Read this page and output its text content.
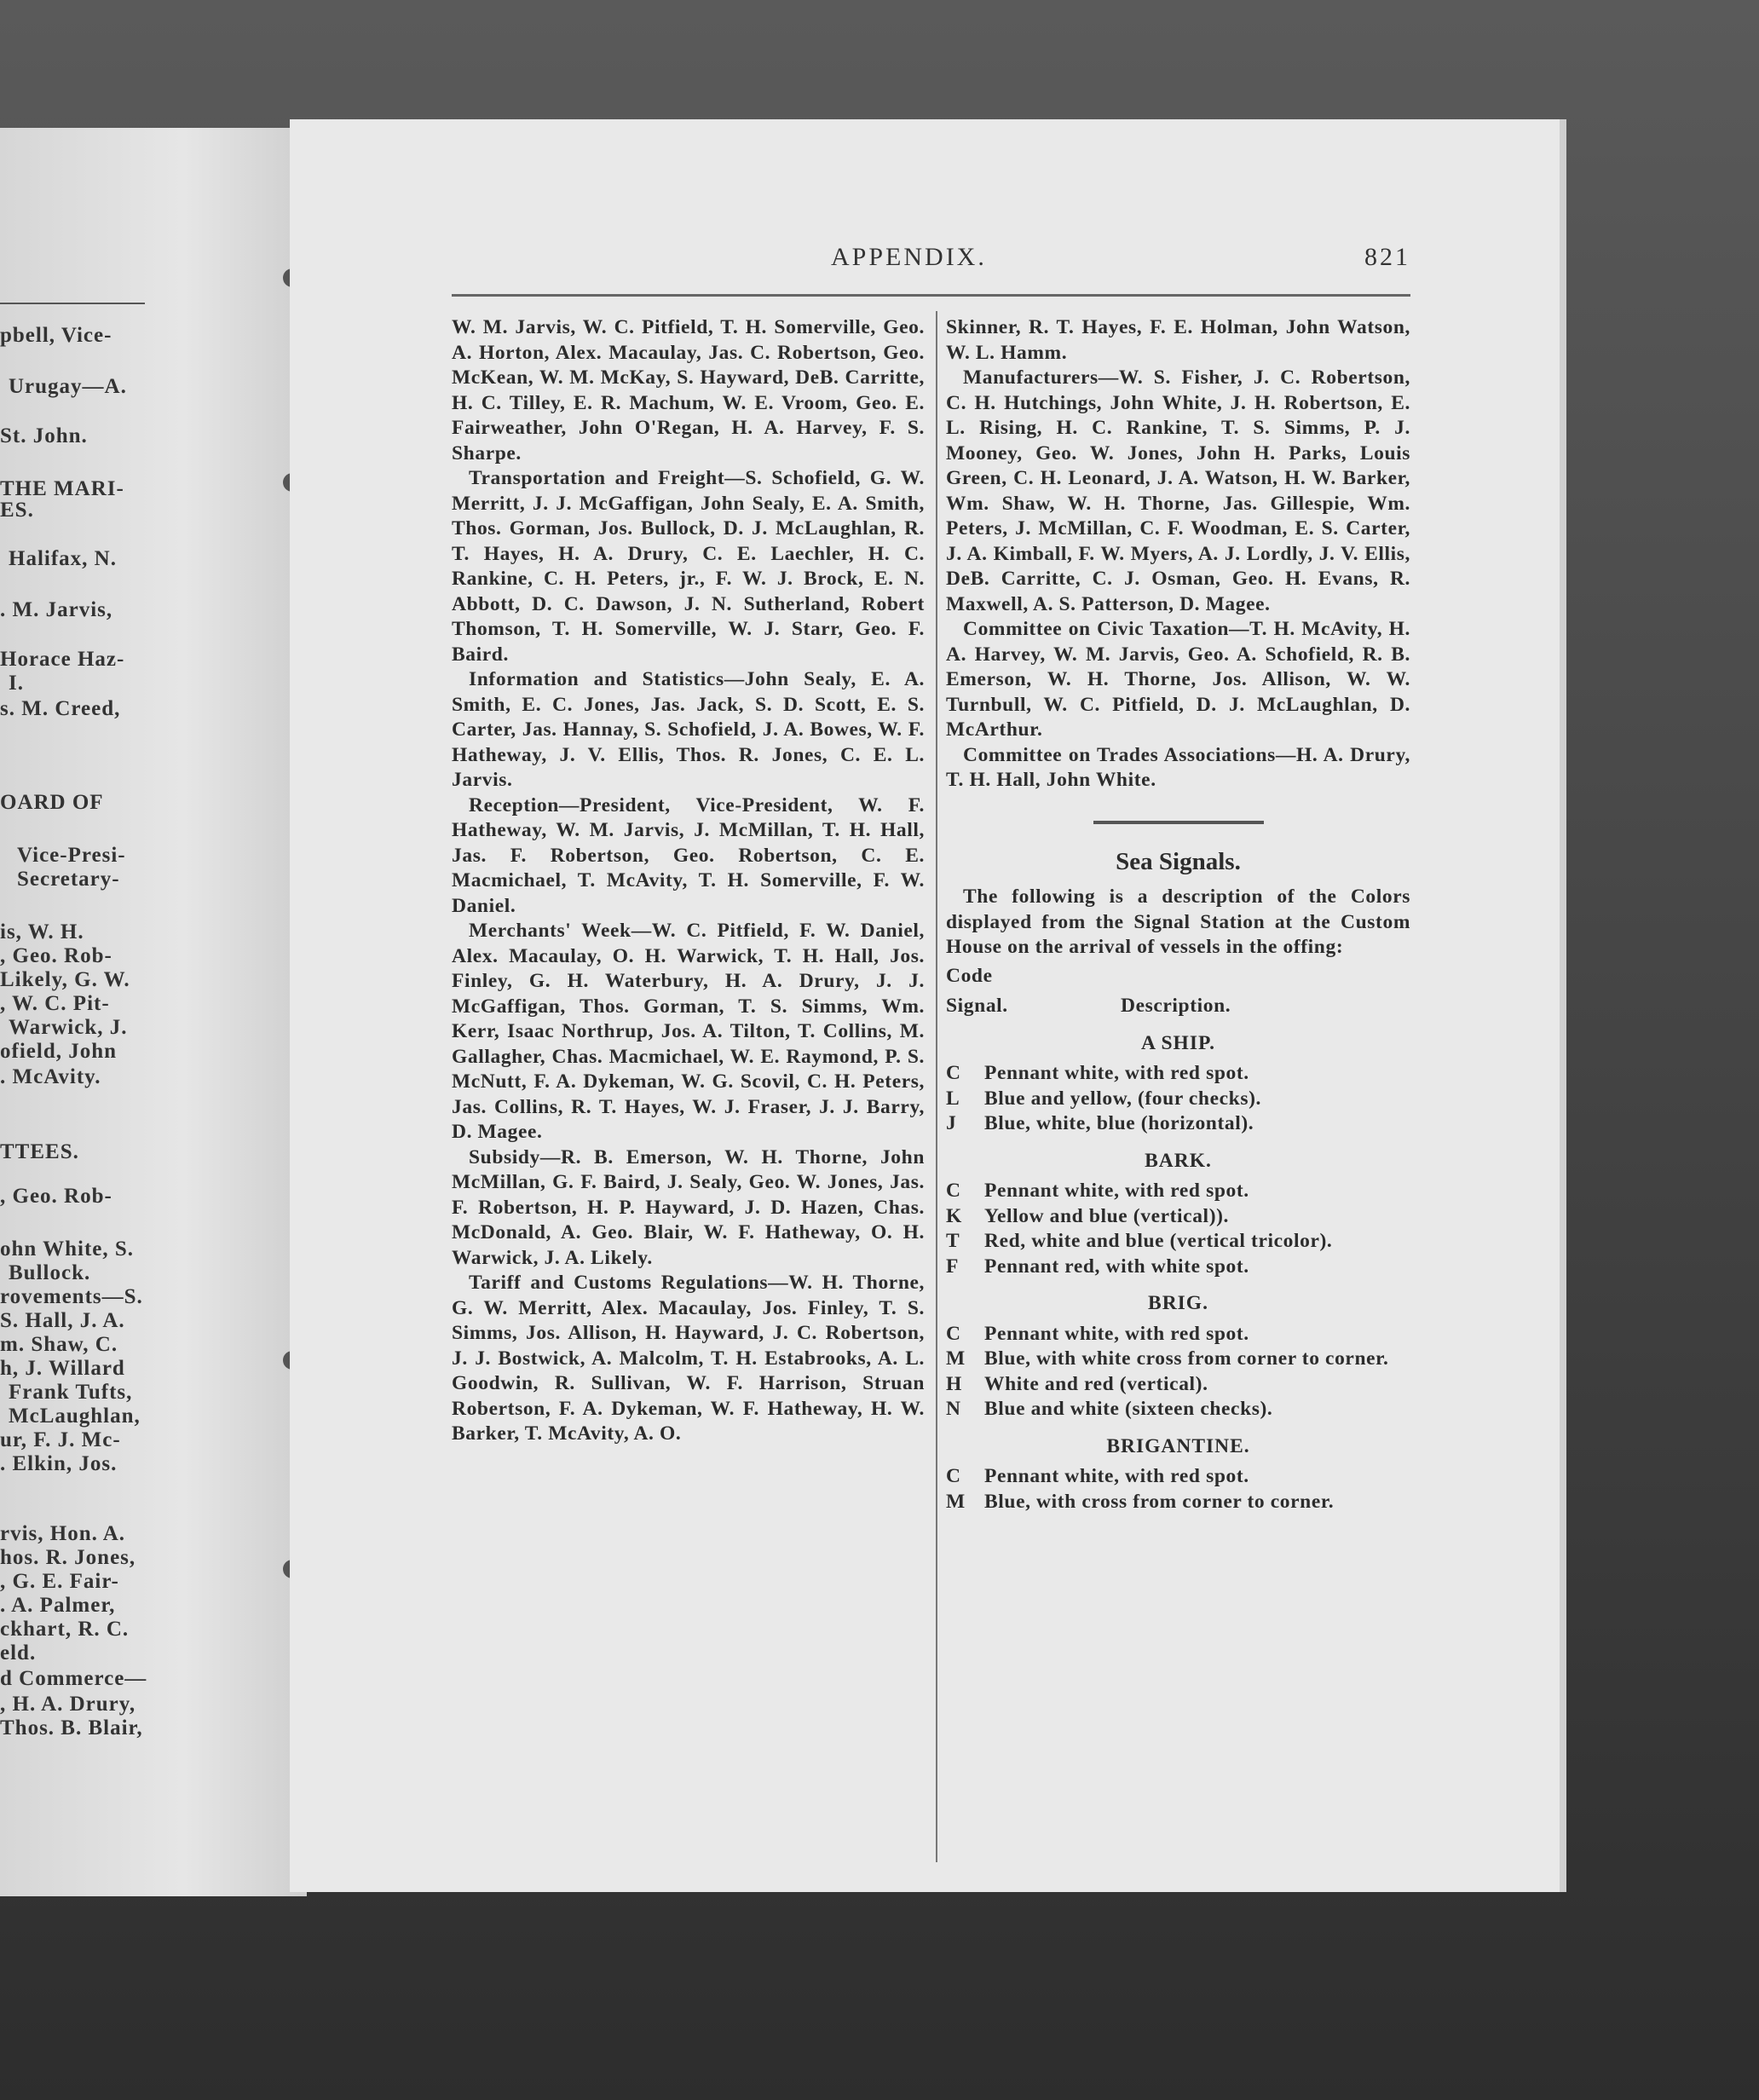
pbell, Vice-
Urugay—A.
St. John.
THE MARI-
ES.
Halifax, N.
. M. Jarvis,
Horace Haz-
I.
s. M. Creed,
OARD OF
Vice-Presi-
Secretary-
is, W. H.
, Geo. Rob-
Likely, G. W.
, W. C. Pit-
Warwick, J.
ofield, John
. McAvity.
TTEES.
, Geo. Rob-
ohn White, S.
Bullock.
rovements—S.
S. Hall, J. A.
m. Shaw, C.
h, J. Willard
Frank Tufts,
McLaughlan,
ur, F. J. Mc-
. Elkin, Jos.
rvis, Hon. A.
hos. R. Jones,
, G. E. Fair-
. A. Palmer,
ckhart, R. C.
eld.
d Commerce—
, H. A. Drury,
Thos. B. Blair,
APPENDIX.	821

W. M. Jarvis, W. C. Pitfield, T. H. Somerville, Geo. A. Horton, Alex. Macaulay, Jas. C. Robertson, Geo. McKean, W. M. McKay, S. Hayward, DeB. Carritte, H. C. Tilley, E. R. Machum, W. E. Vroom, Geo. E. Fairweather, John O'Regan, H. A. Harvey, F. S. Sharpe.

Transportation and Freight—S. Schofield, G. W. Merritt, J. J. McGaffigan, John Sealy, E. A. Smith, Thos. Gorman, Jos. Bullock, D. J. McLaughlan, R. T. Hayes, H. A. Drury, C. E. Laechler, H. C. Rankine, C. H. Peters, jr., F. W. J. Brock, E. N. Abbott, D. C. Dawson, J. N. Sutherland, Robert Thomson, T. H. Somerville, W. J. Starr, Geo. F. Baird.

Information and Statistics—John Sealy, E. A. Smith, E. C. Jones, Jas. Jack, S. D. Scott, E. S. Carter, Jas. Hannay, S. Schofield, J. A. Bowes, W. F. Hatheway, J. V. Ellis, Thos. R. Jones, C. E. L. Jarvis.

Reception—President, Vice-President, W. F. Hatheway, W. M. Jarvis, J. McMillan, T. H. Hall, Jas. F. Robertson, Geo. Robertson, C. E. Macmichael, T. McAvity, T. H. Somerville, F. W. Daniel.

Merchants' Week—W. C. Pitfield, F. W. Daniel, Alex. Macaulay, O. H. Warwick, T. H. Hall, Jos. Finley, G. H. Waterbury, H. A. Drury, J. J. McGaffigan, Thos. Gorman, T. S. Simms, Wm. Kerr, Isaac Northrup, Jos. A. Tilton, T. Collins, M. Gallagher, Chas. Macmichael, W. E. Raymond, P. S. McNutt, F. A. Dykeman, W. G. Scovil, C. H. Peters, Jas. Collins, R. T. Hayes, W. J. Fraser, J. J. Barry, D. Magee.

Subsidy—R. B. Emerson, W. H. Thorne, John McMillan, G. F. Baird, J. Sealy, Geo. W. Jones, Jas. F. Robertson, H. P. Hayward, J. D. Hazen, Chas. McDonald, A. Geo. Blair, W. F. Hatheway, O. H. Warwick, J. A. Likely.

Tariff and Customs Regulations—W. H. Thorne, G. W. Merritt, Alex. Macaulay, Jos. Finley, T. S. Simms, Jos. Allison, H. Hayward, J. C. Robertson, J. J. Bostwick, A. Malcolm, T. H. Estabrooks, A. L. Goodwin, R. Sullivan, W. F. Harrison, Struan Robertson, F. A. Dykeman, W. F. Hatheway, H. W. Barker, T. McAvity, A. O.

Skinner, R. T. Hayes, F. E. Holman, John Watson, W. L. Hamm.

Manufacturers—W. S. Fisher, J. C. Robertson, C. H. Hutchings, John White, J. H. Robertson, E. L. Rising, H. C. Rankine, T. S. Simms, P. J. Mooney, Geo. W. Jones, John H. Parks, Louis Green, C. H. Leonard, J. A. Watson, H. W. Barker, Wm. Shaw, W. H. Thorne, Jas. Gillespie, Wm. Peters, J. McMillan, C. F. Woodman, E. S. Carter, J. A. Kimball, F. W. Myers, A. J. Lordly, J. V. Ellis, DeB. Carritte, C. J. Osman, Geo. H. Evans, R. Maxwell, A. S. Patterson, D. Magee.

Committee on Civic Taxation—T. H. McAvity, H. A. Harvey, W. M. Jarvis, Geo. A. Schofield, R. B. Emerson, W. H. Thorne, Jos. Allison, W. W. Turnbull, W. C. Pitfield, D. J. McLaughlan, D. McArthur.

Committee on Trades Associations—H. A. Drury, T. H. Hall, John White.

Sea Signals.

The following is a description of the Colors displayed from the Signal Station at the Custom House on the arrival of vessels in the offing:

Code
Signal.	Description.
A SHIP.
C	Pennant white, with red spot.
L	Blue and yellow, (four checks).
J	Blue, white, blue (horizontal).
BARK.
C	Pennant white, with red spot.
K	Yellow and blue (vertical)).
T	Red, white and blue (vertical tricolor).
F	Pennant red, with white spot.
BRIG.
C	Pennant white, with red spot.
M Blue, with white cross from corner to corner.
H	White and red (vertical).
N	Blue and white (sixteen checks).
BRIGANTINE.
C	Pennant white, with red spot.
M Blue, with cross from corner to corner.
